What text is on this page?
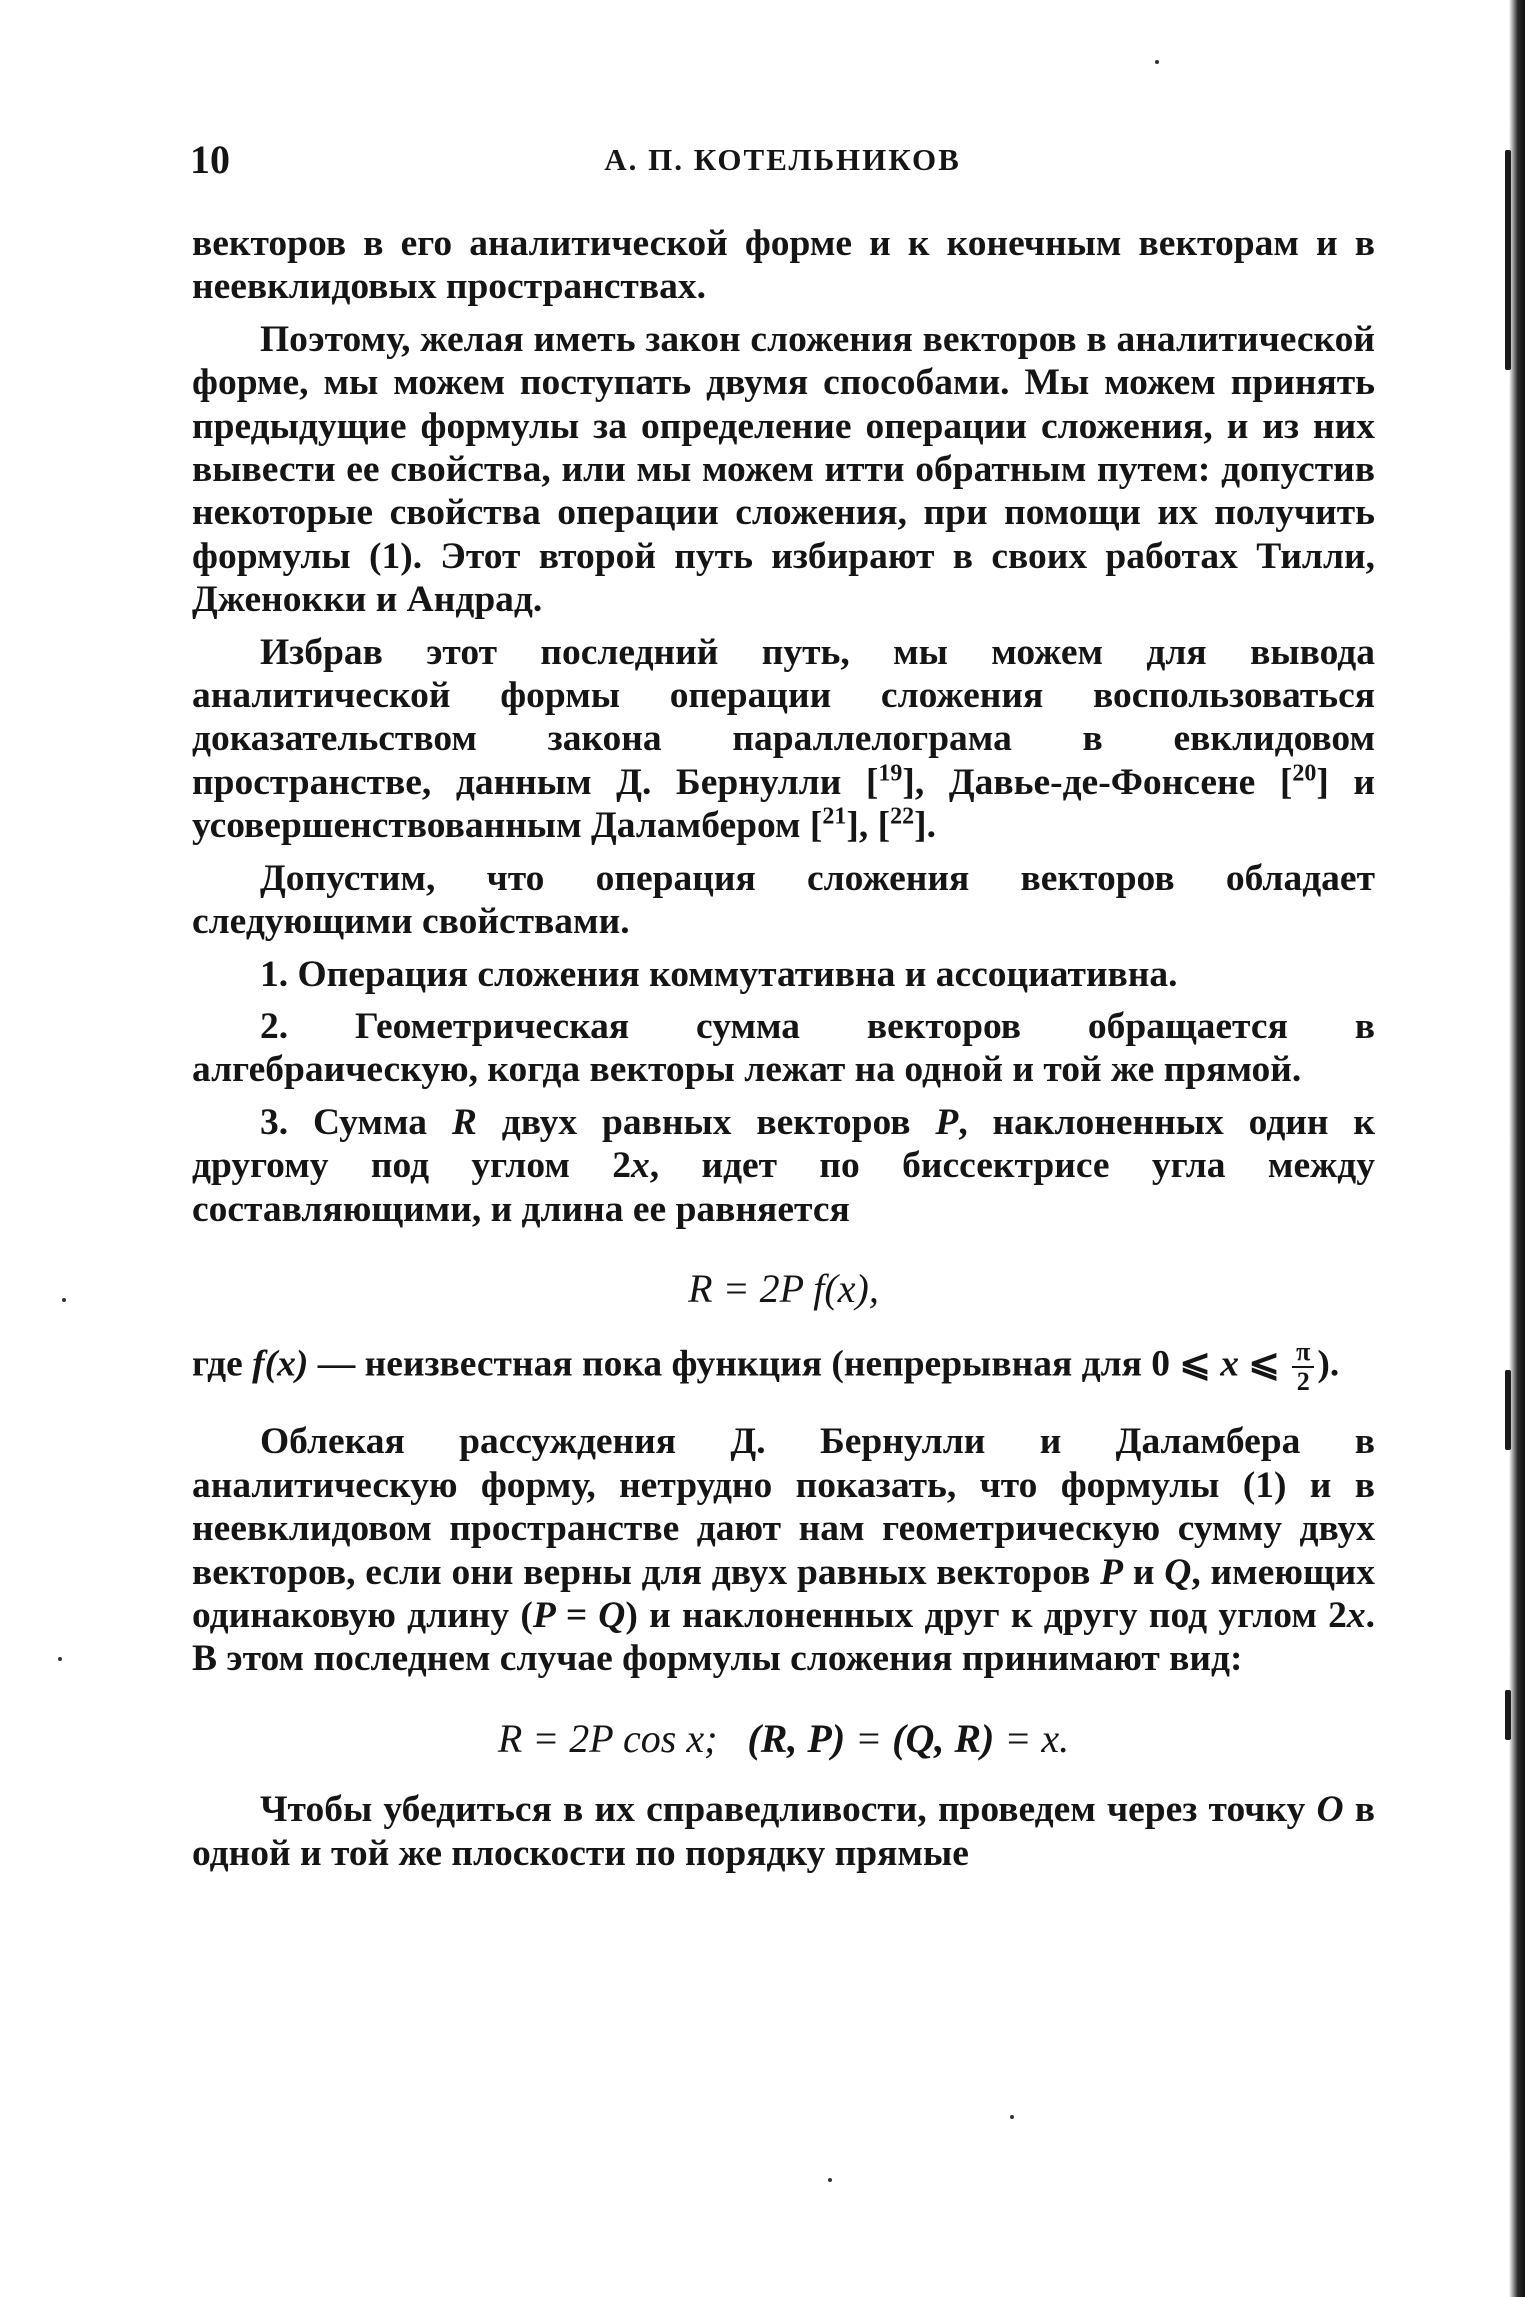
10	А. П. КОТЕЛЬНИКОВ

векторов в его аналитической форме и к конечным векторам и в неевклидовых пространствах.

Поэтому, желая иметь закон сложения векторов в аналитической форме, мы можем поступать двумя способами. Мы можем принять предыдущие формулы за определение операции сложения, и из них вывести ее свойства, или мы можем итти обратным путем: допустив некоторые свойства операции сложения, при помощи их получить формулы (1). Этот второй путь избирают в своих работах Тилли, Дженокки и Андрад.

Избрав этот последний путь, мы можем для вывода аналитической формы операции сложения воспользоваться доказательством закона параллелограма в евклидовом пространстве, данным Д. Бернулли [$^{19}$], Давье-де-Фонсене [$^{20}$] и усовершенствованным Даламбером [$^{21}$], [$^{22}$].

Допустим, что операция сложения векторов обладает следующими свойствами.

1. Операция сложения коммутативна и ассоциативна.

2. Геометрическая сумма векторов обращается в алгебраическую, когда векторы лежат на одной и той же прямой.

3. Сумма R двух равных векторов P, наклоненных один к другому под углом 2x, идет по биссектрисе угла между составляющими, и длина ее равняется

R = 2P f(x),

где f(x) — неизвестная пока функция (непрерывная для 0 ⩽ x ⩽ $\frac{\pi}{2}$ ).

Облекая рассуждения Д. Бернулли и Даламбера в аналитическую форму, нетрудно показать, что формулы (1) и в неевклидовом пространстве дают нам геометрическую сумму двух векторов, если они верны для двух равных векторов P и Q, имеющих одинаковую длину (P = Q) и наклоненных друг к другу под углом 2x. В этом последнем случае формулы сложения принимают вид:

R = 2P cos x; (R, P) = (Q, R) = x.

Чтобы убедиться в их справедливости, проведем через точку O в одной и той же плоскости по порядку прямые
